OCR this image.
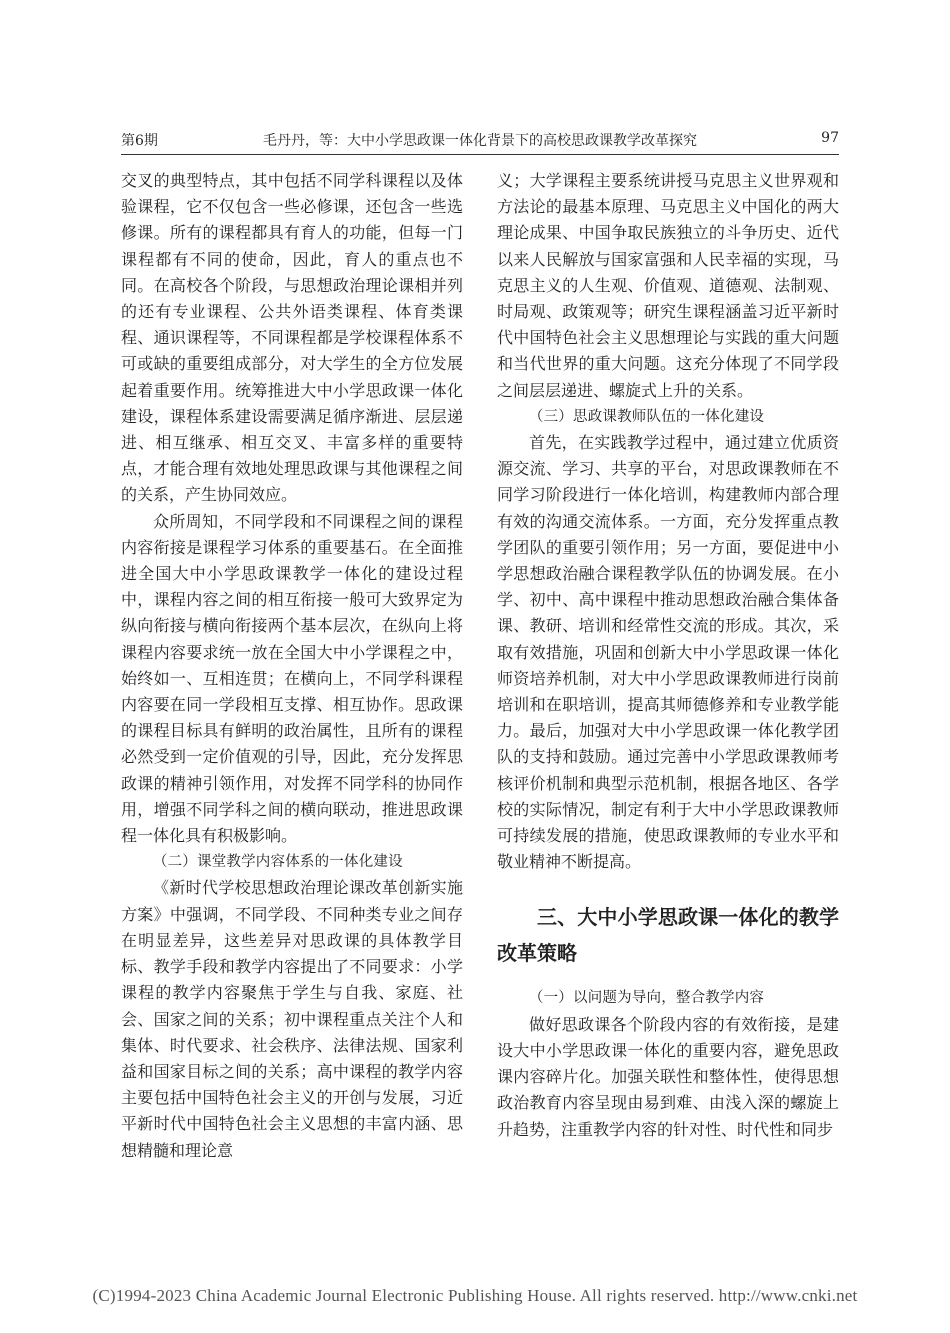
第6期	毛丹丹，等：大中小学思政课一体化背景下的高校思政课教学改革探究	97

交叉的典型特点，其中包括不同学科课程以及体验课程，它不仅包含一些必修课，还包含一些选修课。所有的课程都具有育人的功能，但每一门课程都有不同的使命，因此，育人的重点也不同。在高校各个阶段，与思想政治理论课相并列的还有专业课程、公共外语类课程、体育类课程、通识课程等，不同课程都是学校课程体系不可或缺的重要组成部分，对大学生的全方位发展起着重要作用。统筹推进大中小学思政课一体化建设，课程体系建设需要满足循序渐进、层层递进、相互继承、相互交叉、丰富多样的重要特点，才能合理有效地处理思政课与其他课程之间的关系，产生协同效应。

众所周知，不同学段和不同课程之间的课程内容衔接是课程学习体系的重要基石。在全面推进全国大中小学思政课教学一体化的建设过程中，课程内容之间的相互衔接一般可大致界定为纵向衔接与横向衔接两个基本层次，在纵向上将课程内容要求统一放在全国大中小学课程之中，始终如一、互相连贯；在横向上，不同学科课程内容要在同一学段相互支撑、相互协作。思政课的课程目标具有鲜明的政治属性，且所有的课程必然受到一定价值观的引导，因此，充分发挥思政课的精神引领作用，对发挥不同学科的协同作用，增强不同学科之间的横向联动，推进思政课程一体化具有积极影响。

（二）课堂教学内容体系的一体化建设

《新时代学校思想政治理论课改革创新实施方案》中强调，不同学段、不同种类专业之间存在明显差异，这些差异对思政课的具体教学目标、教学手段和教学内容提出了不同要求：小学课程的教学内容聚焦于学生与自我、家庭、社会、国家之间的关系；初中课程重点关注个人和集体、时代要求、社会秩序、法律法规、国家利益和国家目标之间的关系；高中课程的教学内容主要包括中国特色社会主义的开创与发展，习近平新时代中国特色社会主义思想的丰富内涵、思想精髓和理论意

义；大学课程主要系统讲授马克思主义世界观和方法论的最基本原理、马克思主义中国化的两大理论成果、中国争取民族独立的斗争历史、近代以来人民解放与国家富强和人民幸福的实现，马克思主义的人生观、价值观、道德观、法制观、时局观、政策观等；研究生课程涵盖习近平新时代中国特色社会主义思想理论与实践的重大问题和当代世界的重大问题。这充分体现了不同学段之间层层递进、螺旋式上升的关系。

（三）思政课教师队伍的一体化建设

首先，在实践教学过程中，通过建立优质资源交流、学习、共享的平台，对思政课教师在不同学习阶段进行一体化培训，构建教师内部合理有效的沟通交流体系。一方面，充分发挥重点教学团队的重要引领作用；另一方面，要促进中小学思想政治融合课程教学队伍的协调发展。在小学、初中、高中课程中推动思想政治融合集体备课、教研、培训和经常性交流的形成。其次，采取有效措施，巩固和创新大中小学思政课一体化师资培养机制，对大中小学思政课教师进行岗前培训和在职培训，提高其师德修养和专业教学能力。最后，加强对大中小学思政课一体化教学团队的支持和鼓励。通过完善中小学思政课教师考核评价机制和典型示范机制，根据各地区、各学校的实际情况，制定有利于大中小学思政课教师可持续发展的措施，使思政课教师的专业水平和敬业精神不断提高。

三、大中小学思政课一体化的教学改革策略

（一）以问题为导向，整合教学内容

做好思政课各个阶段内容的有效衔接，是建设大中小学思政课一体化的重要内容，避免思政课内容碎片化。加强关联性和整体性，使得思想政治教育内容呈现由易到难、由浅入深的螺旋上升趋势，注重教学内容的针对性、时代性和同步

(C)1994-2023 China Academic Journal Electronic Publishing House. All rights reserved. http://www.cnki.net
